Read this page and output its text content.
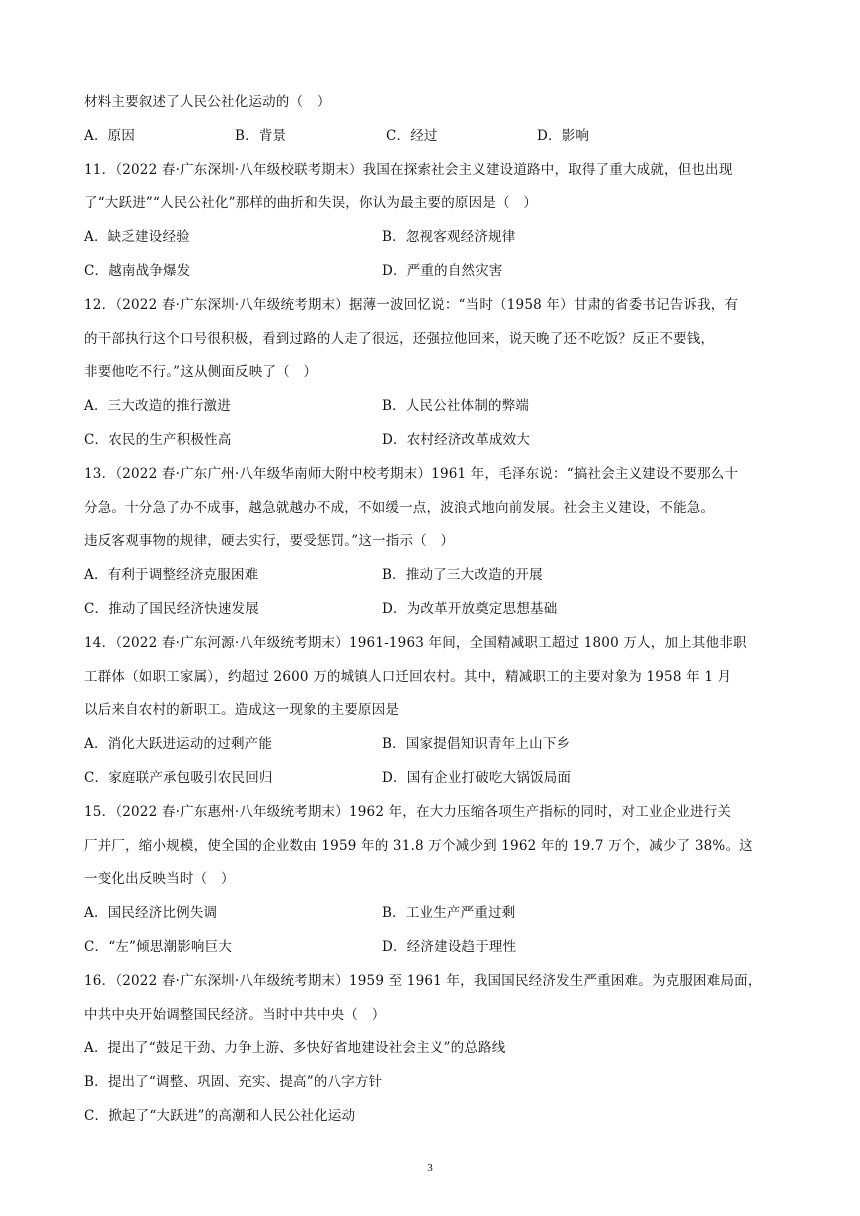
材料主要叙述了人民公社化运动的（　）
A．原因	B．背景	C．经过	D．影响
11．（2022 春·广东深圳·八年级校联考期末）我国在探索社会主义建设道路中，取得了重大成就，但也出现
了“大跃进”“人民公社化”那样的曲折和失误，你认为最主要的原因是（　）
A．缺乏建设经验	B．忽视客观经济规律
C．越南战争爆发	D．严重的自然灾害
12．（2022 春·广东深圳·八年级统考期末）据薄一波回忆说：“当时（1958 年）甘肃的省委书记告诉我，有
的干部执行这个口号很积极，看到过路的人走了很远，还强拉他回来，说天晚了还不吃饭？反正不要钱，
非要他吃不行。”这从侧面反映了（　）
A．三大改造的推行激进	B．人民公社体制的弊端
C．农民的生产积极性高	D．农村经济改革成效大
13．（2022 春·广东广州·八年级华南师大附中校考期末）1961 年，毛泽东说：“搞社会主义建设不要那么十
分急。十分急了办不成事，越急就越办不成，不如缓一点，波浪式地向前发展。社会主义建设，不能急。
违反客观事物的规律，硬去实行，要受惩罚。”这一指示（　）
A．有利于调整经济克服困难	B．推动了三大改造的开展
C．推动了国民经济快速发展	D．为改革开放奠定思想基础
14．（2022 春·广东河源·八年级统考期末）1961-1963 年间，全国精减职工超过 1800 万人，加上其他非职
工群体（如职工家属），约超过 2600 万的城镇人口迁回农村。其中，精减职工的主要对象为 1958 年 1 月
以后来自农村的新职工。造成这一现象的主要原因是
A．消化大跃进运动的过剩产能	B．国家提倡知识青年上山下乡
C．家庭联产承包吸引农民回归	D．国有企业打破吃大锅饭局面
15．（2022 春·广东惠州·八年级统考期末）1962 年，在大力压缩各项生产指标的同时，对工业企业进行关
厂并厂，缩小规模，使全国的企业数由 1959 年的 31.8 万个减少到 1962 年的 19.7 万个，减少了 38%。这
一变化出反映当时（　）
A．国民经济比例失调	B．工业生产严重过剩
C．“左”倾思潮影响巨大	D．经济建设趋于理性
16．（2022 春·广东深圳·八年级统考期末）1959 至 1961 年，我国国民经济发生严重困难。为克服困难局面，
中共中央开始调整国民经济。当时中共中央（　）
A．提出了“鼓足干劲、力争上游、多快好省地建设社会主义”的总路线
B．提出了“调整、巩固、充实、提高”的八字方针
C．掀起了“大跃进”的高潮和人民公社化运动
3
